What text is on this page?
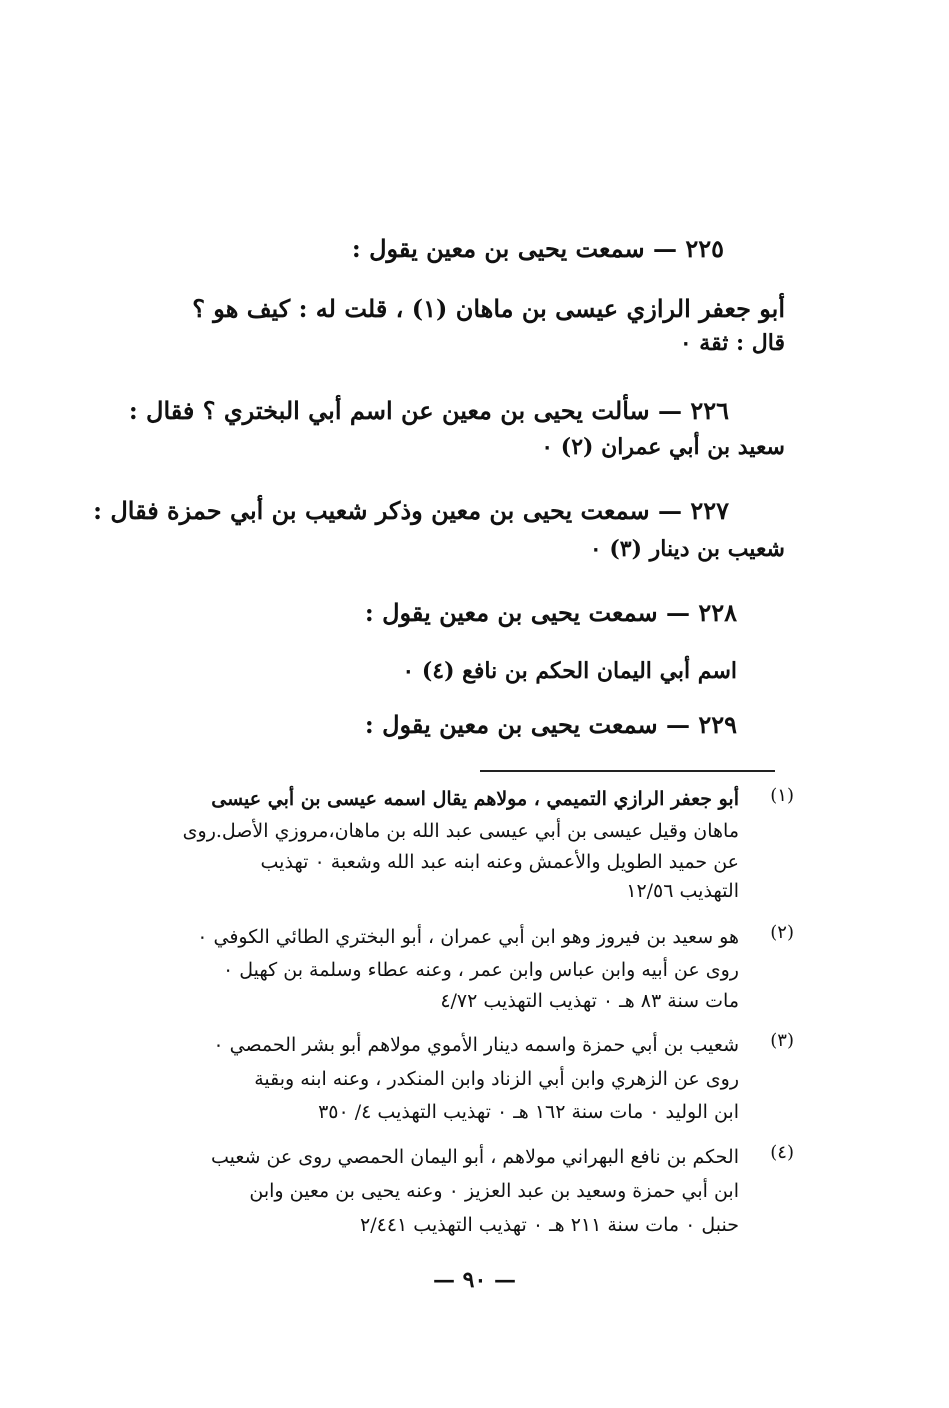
٢٢٥ — سمعت يحيى بن معين يقول :
أبو جعفر الرازي عيسى بن ماهان (١) ، قلت له : كيف هو ؟
قال : ثقة ٠
٢٢٦ — سألت يحيى بن معين عن اسم أبي البختري ؟ فقال :
سعيد بن أبي عمران (٢) ٠
٢٢٧ — سمعت يحيى بن معين وذكر شعيب بن أبي حمزة فقال :
شعيب بن دينار (٣) ٠
٢٢٨ — سمعت يحيى بن معين يقول :
اسم أبي اليمان الحكم بن نافع (٤) ٠
٢٢٩ — سمعت يحيى بن معين يقول :
(١)
أبو جعفر الرازي التميمي ، مولاهم يقال اسمه عيسى بن أبي عيسى
ماهان وقيل عيسى بن أبي عيسى عبد الله بن ماهان،مروزي الأصل.روى
عن حميد الطويل والأعمش وعنه ابنه عبد الله وشعبة ٠ تهذيب
التهذيب ١٢/٥٦
(٢)
هو سعيد بن فيروز وهو ابن أبي عمران ، أبو البختري الطائي الكوفي ٠
روى عن أبيه وابن عباس وابن عمر ، وعنه عطاء وسلمة بن كهيل ٠
مات سنة ٨٣ هـ ٠ تهذيب التهذيب ٤/٧٢
(٣)
شعيب بن أبي حمزة واسمه دينار الأموي مولاهم أبو بشر الحمصي ٠
روى عن الزهري وابن أبي الزناد وابن المنكدر ، وعنه ابنه وبقية
ابن الوليد ٠ مات سنة ١٦٢ هـ ٠ تهذيب التهذيب ٤/ ٣٥٠
(٤)
الحكم بن نافع البهراني مولاهم ، أبو اليمان الحمصي روى عن شعيب
ابن أبي حمزة وسعيد بن عبد العزيز ٠ وعنه يحيى بن معين وابن
حنبل ٠ مات سنة ٢١١ هـ ٠ تهذيب التهذيب ٢/٤٤١
— ٩٠ —
